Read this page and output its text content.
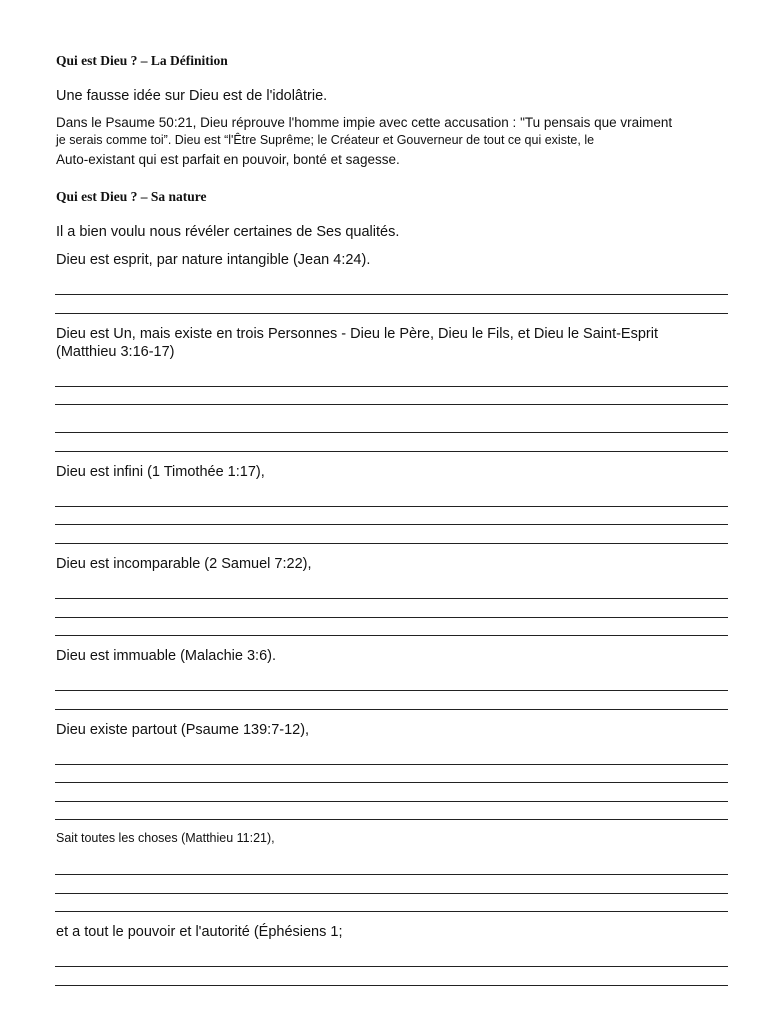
Qui est Dieu ? – La Définition
Une fausse idée sur Dieu est de l'idolâtrie.
Dans le Psaume 50:21, Dieu réprouve l'homme impie avec cette accusation : "Tu pensais que vraiment
je serais comme toi”. Dieu est “l'Être Suprême; le Créateur et Gouverneur de tout ce qui existe, le
Auto-existant qui est parfait en pouvoir, bonté et sagesse.
Qui est Dieu ? – Sa nature
Il a bien voulu nous révéler certaines de Ses qualités.
Dieu est esprit, par nature intangible (Jean 4:24).
Dieu est Un, mais existe en trois Personnes - Dieu le Père, Dieu le Fils, et Dieu le Saint-Esprit
(Matthieu 3:16-17)
Dieu est infini (1 Timothée 1:17),
Dieu est incomparable (2 Samuel 7:22),
Dieu est immuable (Malachie 3:6).
Dieu existe partout (Psaume 139:7-12),
Sait toutes les choses (Matthieu 11:21),
et a tout le pouvoir et l'autorité (Éphésiens 1;
